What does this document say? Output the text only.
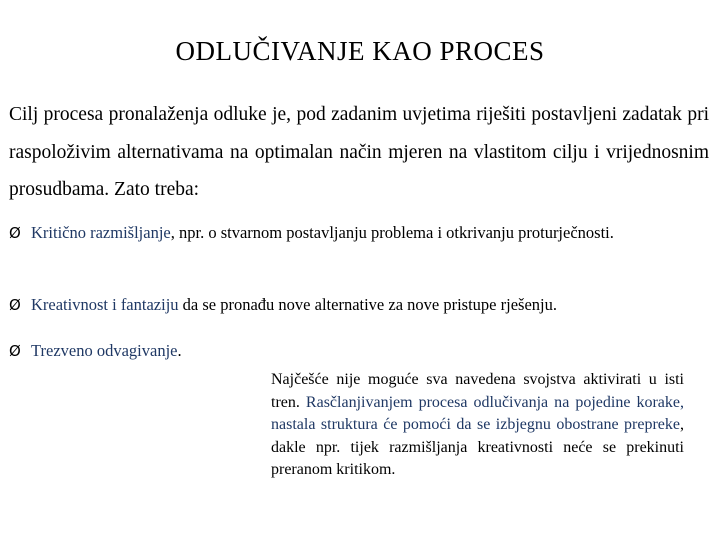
ODLUČIVANJE KAO PROCES
Cilj procesa pronalaženja odluke je, pod zadanim uvjetima riješiti postavljeni zadatak pri raspoloživim alternativama na optimalan način mjeren na vlastitom cilju i vrijednosnim prosudbama. Zato treba:
Ø Kritično razmišljanje, npr. o stvarnom postavljanju problema i otkrivanju proturječnosti.
Ø Kreativnost i fantaziju da se pronađu nove alternative za nove pristupe rješenju.
Ø Trezveno odvagivanje.
Najčešće nije moguće sva navedena svojstva aktivirati u isti tren. Rasčlanjivanjem procesa odlučivanja na pojedine korake, nastala struktura će pomoći da se izbjegnu obostrane prepreke, dakle npr. tijek razmišljanja kreativnosti neće se prekinuti preranom kritikom.
